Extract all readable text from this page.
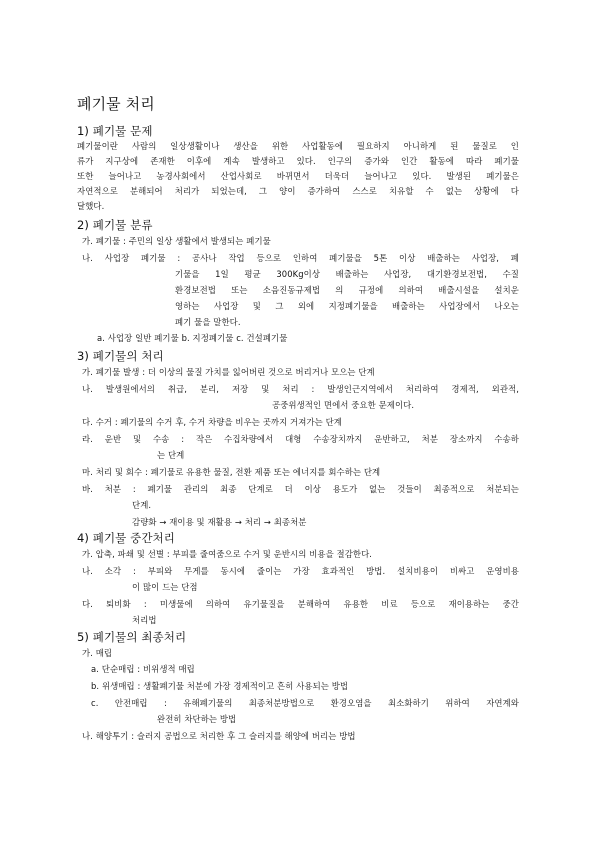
폐기물 처리
1) 폐기물 문제
폐기물이란 사람의 일상생활이나 생산을 위한 사업활동에 필요하지 아니하게 된 물질로 인
류가 지구상에 존재한 이후에 계속 발생하고 있다. 인구의 증가와 인간 활동에 따라 폐기물
또한 늘어나고 농경사회에서 산업사회로 바뀌면서 더욱더 늘어나고 있다. 발생된 폐기물은
자연적으로 분해되어 처리가 되었는데, 그 양이 증가하여 스스로 치유할 수 없는 상황에 다
달했다.
2) 폐기물 분류
가. 폐기물 : 주민의 일상 생활에서 발생되는 폐기물
나. 사업장 폐기물 : 공사나 작업 등으로 인하여 폐기물을 5톤 이상 배출하는 사업장, 폐
기물을 1일 평균 300Kg이상 배출하는 사업장, 대기환경보전법, 수질
환경보전법 또는 소음진동규제법 의 규정에 의하여 배출시설을 설치운
영하는 사업장 및 그 외에 지정폐기물을 배출하는 사업장에서 나오는
폐기 물을 말한다.
a. 사업장 일반 폐기물 b. 지정폐기물 c. 건설폐기물
3) 폐기물의 처리
가. 폐기물 발생 : 더 이상의 물질 가치를 잃어버린 것으로 버리거나 모으는 단계
나. 발생원에서의 취급, 분리, 저장 및 처리 : 발생인근지역에서 처리하여 경제적, 외관적,
공중위생적인 면에서 중요한 문제이다.
다. 수거 : 폐기물의 수거 후, 수거 차량을 비우는 곳까지 거져가는 단계
라. 운반 및 수송 : 작은 수집차량에서 대형 수송장치까지 운반하고, 처분 장소까지 수송하
는 단계
마. 처리 및 회수 : 폐기물로 유용한 물질, 전환 제품 또는 에너지를 회수하는 단계
바. 처분 : 폐기물 관리의 최종 단계로 더 이상 용도가 없는 것들이 최종적으로 처분되는
단계.
감량화 → 재이용 및 재활용 → 처리 → 최종처분
4) 폐기물 중간처리
가. 압축, 파쇄 및 선별 : 부피를 줄여줌으로 수거 및 운반시의 비용을 절감한다.
나. 소각 : 부피와 무게를 동시에 줄이는 가장 효과적인 방법. 설치비용이 비싸고 운영비용
이 많이 드는 단점
다. 퇴비화 : 미생물에 의하여 유기물질을 분해하여 유용한 비료 등으로 재이용하는 중간
처리법
5) 폐기물의 최종처리
가. 매립
a. 단순매립 : 비위생적 매립
b. 위생매립 : 생활폐기물 처분에 가장 경제적이고 흔히 사용되는 방법
c. 안전매립 : 유해폐기물의 최종처분방법으로 환경오염을 최소화하기 위하여 자연계와
완전히 차단하는 방법
나. 해양투기 : 슬러지 공법으로 처리한 후 그 슬러지를 해양에 버리는 방법
